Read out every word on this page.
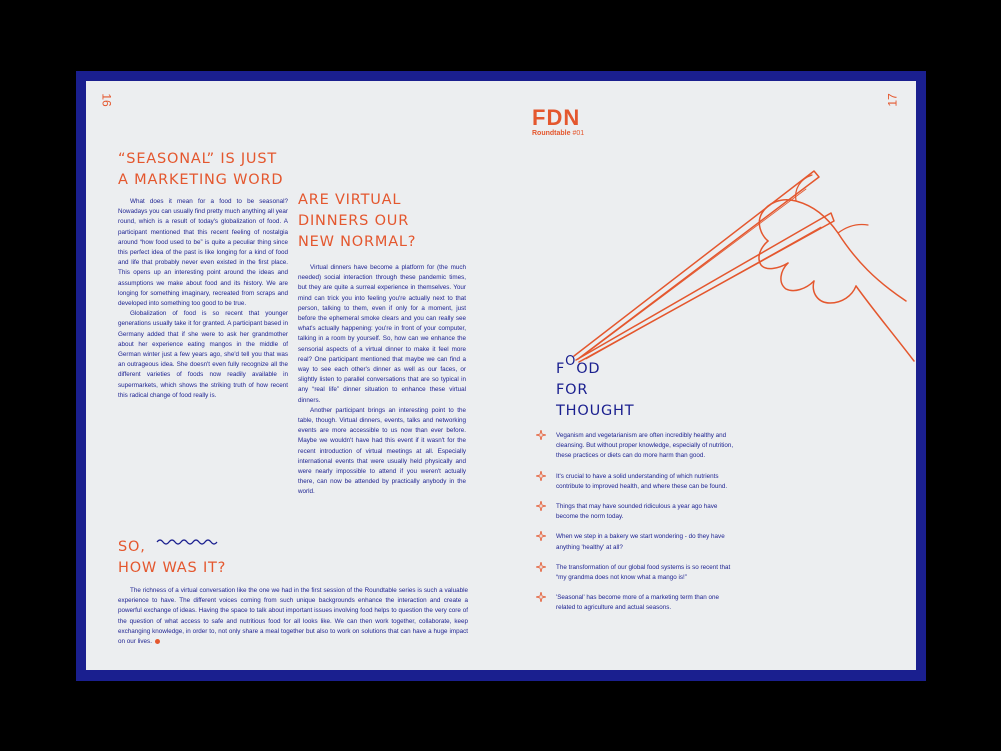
16	17
FDN
Roundtable #01
“SEASONAL” IS JUST
A MARKETING WORD

What does it mean for a food to be seasonal? Nowadays you can usually find pretty much anything all year round, which is a result of today's globalization of food. A participant mentioned that this recent feeling of nostalgia around “how food used to be” is quite a peculiar thing since this perfect idea of the past is like longing for a kind of food and life that probably never even existed in the first place. This opens up an interesting point around the ideas and assumptions we make about food and its history. We are longing for something imaginary, recreated from scraps and developed into something too good to be true.

Globalization of food is so recent that younger generations usually take it for granted. A participant based in Germany added that if she were to ask her grandmother about her experience eating mangos in the middle of German winter just a few years ago, she'd tell you that was an outrageous idea. She doesn't even fully recognize all the different varieties of foods now readily available in supermarkets, which shows the striking truth of how recent this radical change of food really is.

ARE VIRTUAL
DINNERS OUR
NEW NORMAL?

Virtual dinners have become a platform for (the much needed) social interaction through these pandemic times, but they are quite a surreal experience in themselves. Your mind can trick you into feeling you're actually next to that person, talking to them, even if only for a moment, just before the ephemeral smoke clears and you can really see what's actually happening: you're in front of your computer, talking in a room by yourself. So, how can we enhance the sensorial aspects of a virtual dinner to make it feel more real? One participant mentioned that maybe we can find a way to see each other's dinner as well as our faces, or slightly listen to parallel conversations that are so typical in any “real life” dinner situation to enhance these virtual dinners.

Another participant brings an interesting point to the table, though. Virtual dinners, events, talks and networking events are more accessible to us now than ever before. Maybe we wouldn't have had this event if it wasn't for the recent introduction of virtual meetings at all. Especially international events that were usually held physically and were nearly impossible to attend if you weren't actually there, can now be attended by practically anybody in the world.

SO,
HOW WAS IT?

The richness of a virtual conversation like the one we had in the first session of the Roundtable series is such a valuable experience to have. The different voices coming from such unique backgrounds enhance the interaction and create a powerful exchange of ideas. Having the space to talk about important issues involving food helps to question the very core of the question of what access to safe and nutritious food for all looks like. We can then work together, collaborate, keep exchanging knowledge, in order to, not only share a meal together but also to work on solutions that can have a huge impact on our lives.

$F^OOD$
FOR
THOUGHT
Veganism and vegetarianism are often incredibly healthy and cleansing. But without proper knowledge, especially of nutrition, these practices or diets can do more harm than good.
It's crucial to have a solid understanding of which nutrients contribute to improved health, and where these can be found.
Things that may have sounded ridiculous a year ago have become the norm today.
When we step in a bakery we start wondering - do they have anything 'healthy' at all?
The transformation of our global food systems is so recent that “my grandma does not know what a mango is!”
'Seasonal' has become more of a marketing term than one related to agriculture and actual seasons.
